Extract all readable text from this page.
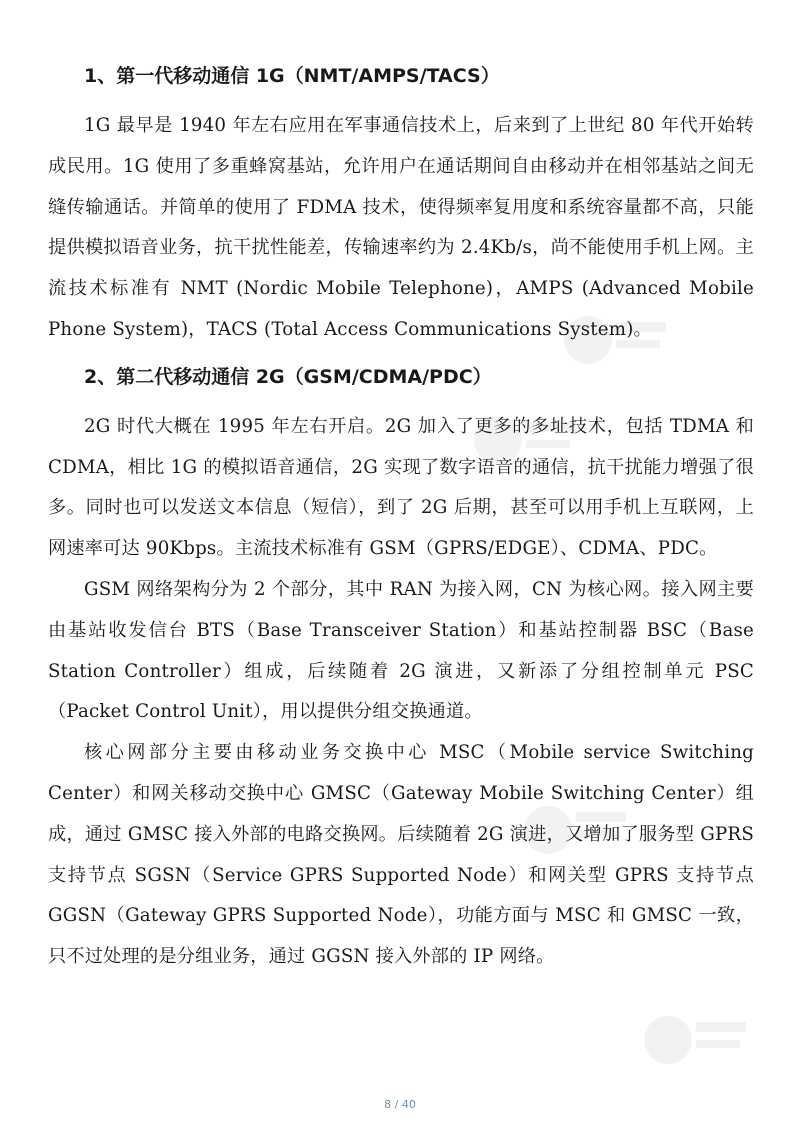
1、第一代移动通信 1G（NMT/AMPS/TACS）

1G 最早是 1940 年左右应用在军事通信技术上，后来到了上世纪 80 年代开始转成民用。1G 使用了多重蜂窝基站，允许用户在通话期间自由移动并在相邻基站之间无缝传输通话。并简单的使用了 FDMA 技术，使得频率复用度和系统容量都不高，只能提供模拟语音业务，抗干扰性能差，传输速率约为 2.4Kb/s，尚不能使用手机上网。主流技术标准有 NMT (Nordic Mobile Telephone)，AMPS (Advanced Mobile Phone System)，TACS (Total Access Communications System)。

2、第二代移动通信 2G（GSM/CDMA/PDC）

2G 时代大概在 1995 年左右开启。2G 加入了更多的多址技术，包括 TDMA 和 CDMA，相比 1G 的模拟语音通信，2G 实现了数字语音的通信，抗干扰能力增强了很多。同时也可以发送文本信息（短信），到了 2G 后期，甚至可以用手机上互联网，上网速率可达 90Kbps。主流技术标准有 GSM（GPRS/EDGE）、CDMA、PDC。

GSM 网络架构分为 2 个部分，其中 RAN 为接入网，CN 为核心网。接入网主要由基站收发信台 BTS（Base Transceiver Station）和基站控制器 BSC（Base Station Controller）组成，后续随着 2G 演进，又新添了分组控制单元 PSC（Packet Control Unit），用以提供分组交换通道。

核心网部分主要由移动业务交换中心 MSC（Mobile service Switching Center）和网关移动交换中心 GMSC（Gateway Mobile Switching Center）组成，通过 GMSC 接入外部的电路交换网。后续随着 2G 演进，又增加了服务型 GPRS 支持节点 SGSN（Service GPRS Supported Node）和网关型 GPRS 支持节点 GGSN（Gateway GPRS Supported Node），功能方面与 MSC 和 GMSC 一致，只不过处理的是分组业务，通过 GGSN 接入外部的 IP 网络。

8 / 40
